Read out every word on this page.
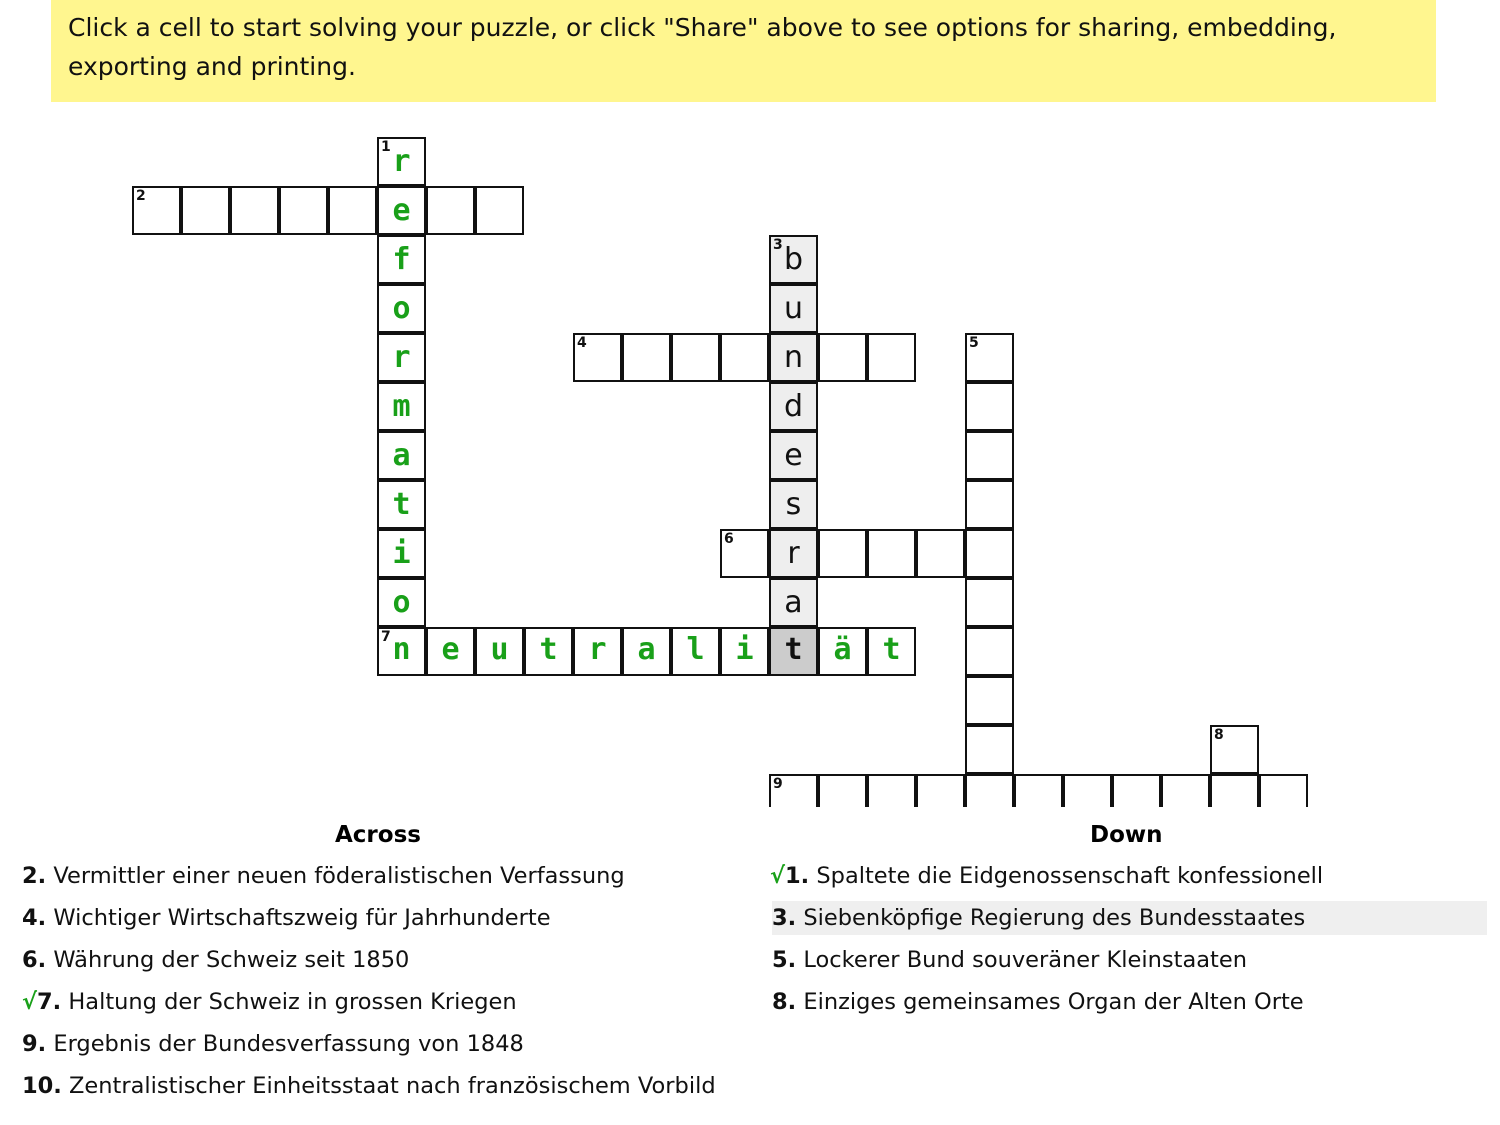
Click a cell to start solving your puzzle, or click "Share" above to see options for sharing, embedding, exporting and printing.
1 r
e
f
o
r
m
a
t
i
o
7
2
3 b
u
n
d
e
s
r
a
4	5
6
n e u t r a l i t ä t
8
9
Across	Down
2. Vermittler einer neuen föderalistischen Verfassung
4. Wichtiger Wirtschaftszweig für Jahrhunderte
6. Währung der Schweiz seit 1850
√7. Haltung der Schweiz in grossen Kriegen
9. Ergebnis der Bundesverfassung von 1848
10. Zentralistischer Einheitsstaat nach französischem Vorbild
√1. Spaltete die Eidgenossenschaft konfessionell
3. Siebenköpfige Regierung des Bundesstaates
5. Lockerer Bund souveräner Kleinstaaten
8. Einziges gemeinsames Organ der Alten Orte
